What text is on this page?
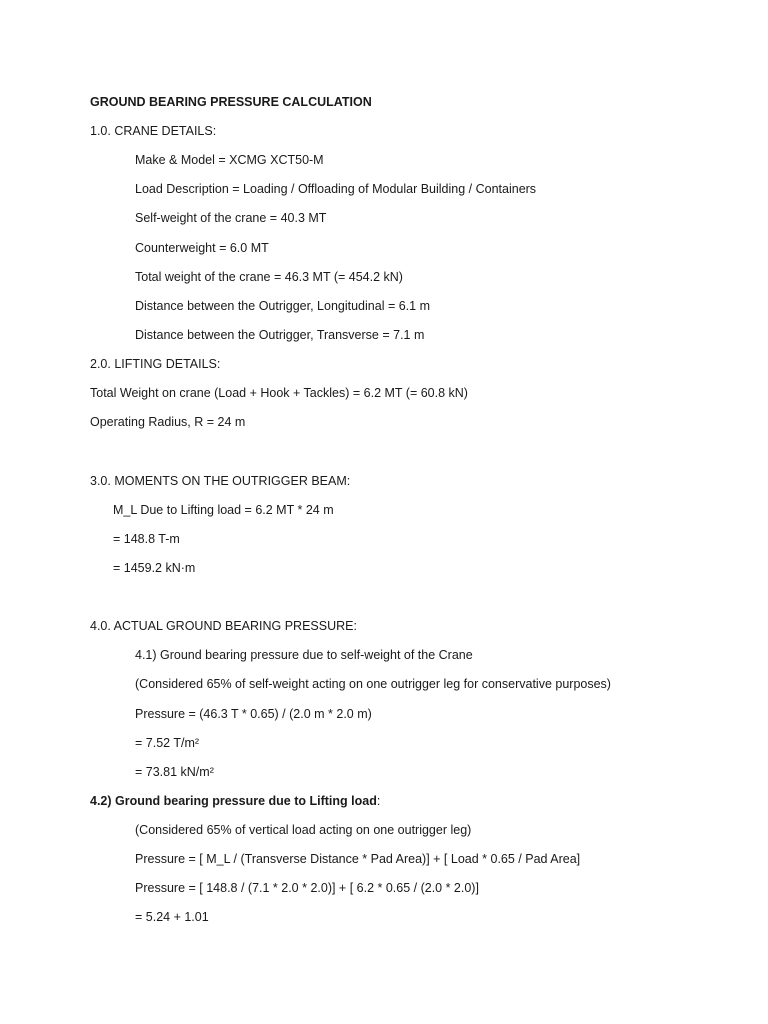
GROUND BEARING PRESSURE CALCULATION
1.0. CRANE DETAILS:
Make & Model = XCMG XCT50-M
Load Description = Loading / Offloading of Modular Building / Containers
Self-weight of the crane = 40.3 MT
Counterweight = 6.0 MT
Total weight of the crane = 46.3 MT (= 454.2 kN)
Distance between the Outrigger, Longitudinal = 6.1 m
Distance between the Outrigger, Transverse = 7.1 m
2.0. LIFTING DETAILS:
Total Weight on crane (Load + Hook + Tackles) = 6.2 MT (= 60.8 kN)
Operating Radius, R = 24 m
3.0. MOMENTS ON THE OUTRIGGER BEAM:
M_L Due to Lifting load = 6.2 MT * 24 m
= 148.8 T-m
= 1459.2 kN·m
4.0. ACTUAL GROUND BEARING PRESSURE:
4.1) Ground bearing pressure due to self-weight of the Crane
(Considered 65% of self-weight acting on one outrigger leg for conservative purposes)
Pressure = (46.3 T * 0.65) / (2.0 m * 2.0 m)
= 7.52 T/m²
= 73.81 kN/m²
4.2) Ground bearing pressure due to Lifting load:
(Considered 65% of vertical load acting on one outrigger leg)
Pressure = [ M_L / (Transverse Distance * Pad Area)] + [ Load * 0.65 / Pad Area]
Pressure = [ 148.8 / (7.1 * 2.0 * 2.0)] + [ 6.2 * 0.65 / (2.0 * 2.0)]
= 5.24 + 1.01
